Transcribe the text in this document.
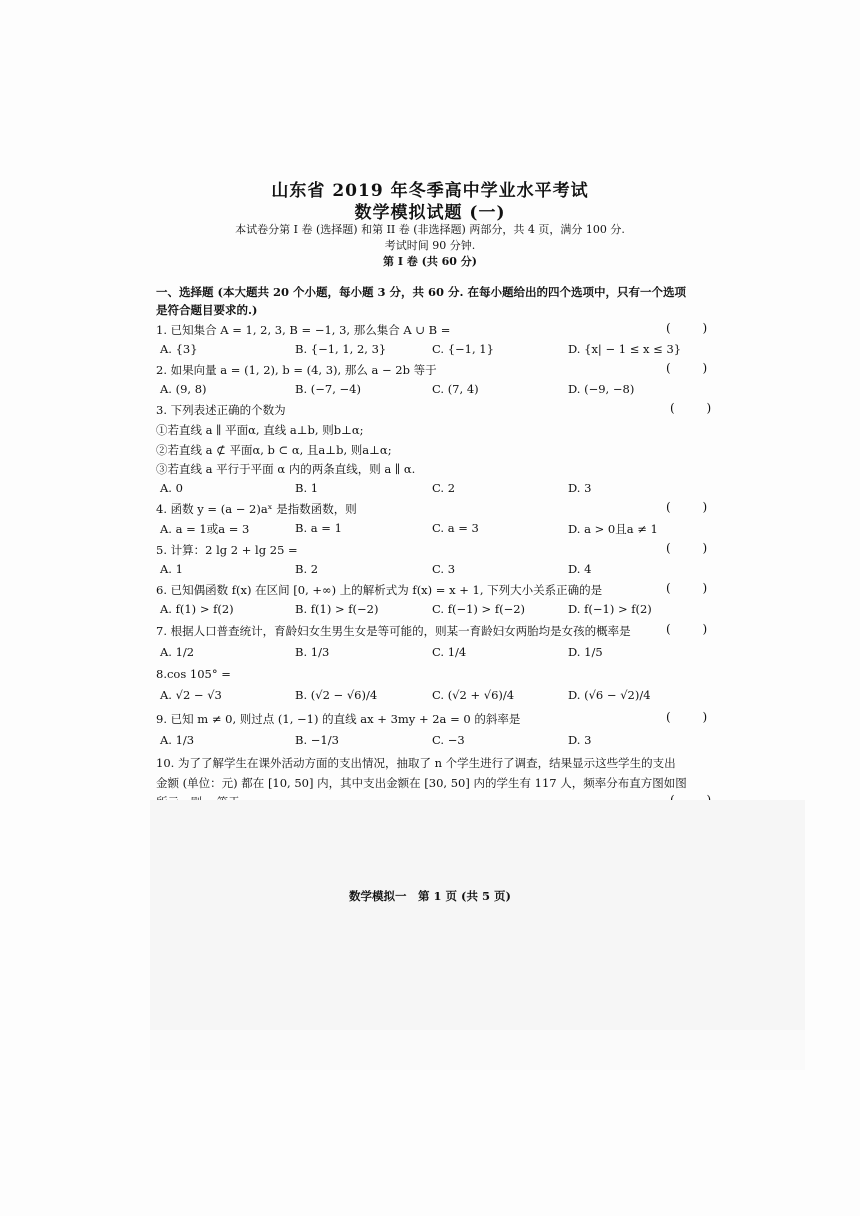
山东省 2019 年冬季高中学业水平考试
数学模拟试题 (一)
本试卷分第 I 卷 (选择题) 和第 II 卷 (非选择题) 两部分，共 4 页，满分 100 分.
考试时间 90 分钟.
第 I 卷 (共 60 分)
一、选择题 (本大题共 20 个小题，每小题 3 分，共 60 分. 在每小题给出的四个选项中，只有一个选项
是符合题目要求的.)
1. 已知集合 A = 1, 2, 3, B = −1, 3, 那么集合 A ∪ B =	( )
A. {3}	B. {−1, 1, 2, 3}	C. {−1, 1}	D. {x| − 1 ≤ x ≤ 3}
2. 如果向量 a = (1, 2), b = (4, 3), 那么 a − 2b 等于	( )
A. (9, 8)	B. (−7, −4)	C. (7, 4)	D. (−9, −8)
3. 下列表述正确的个数为	( )
①若直线 a ∥ 平面α, 直线 a⊥b, 则b⊥α;
②若直线 a ⊄ 平面α, b ⊂ α, 且a⊥b, 则a⊥α;
③若直线 a 平行于平面 α 内的两条直线，则 a ∥ α.
A. 0	B. 1	C. 2	D. 3
4. 函数 y = (a − 2)aˣ 是指数函数，则	( )
A. a = 1或a = 3	B. a = 1	C. a = 3	D. a > 0且a ≠ 1
5. 计算：2 lg 2 + lg 25 =	( )
A. 1	B. 2	C. 3	D. 4
6. 已知偶函数 f(x) 在区间 [0, +∞) 上的解析式为 f(x) = x + 1, 下列大小关系正确的是	( )
A. f(1) > f(2)	B. f(1) > f(−2)	C. f(−1) > f(−2)	D. f(−1) > f(2)
7. 根据人口普查统计，育龄妇女生男生女是等可能的，则某一育龄妇女两胎均是女孩的概率是	( )
A. 1/2	B. 1/3	C. 1/4	D. 1/5
8.cos 105° =
A. √2 − √3	B. (√2 − √6)/4	C. (√2 + √6)/4	D. (√6 − √2)/4
9. 已知 m ≠ 0, 则过点 (1, −1) 的直线 ax + 3my + 2a = 0 的斜率是	( )
A. 1/3	B. −1/3	C. −3	D. 3
10. 为了了解学生在课外活动方面的支出情况，抽取了 n 个学生进行了调查，结果显示这些学生的支出
金额 (单位：元) 都在 [10, 50] 内，其中支出金额在 [30, 50] 内的学生有 117 人，频率分布直方图如图
数学模拟一　第 1 页 (共 5 页)
